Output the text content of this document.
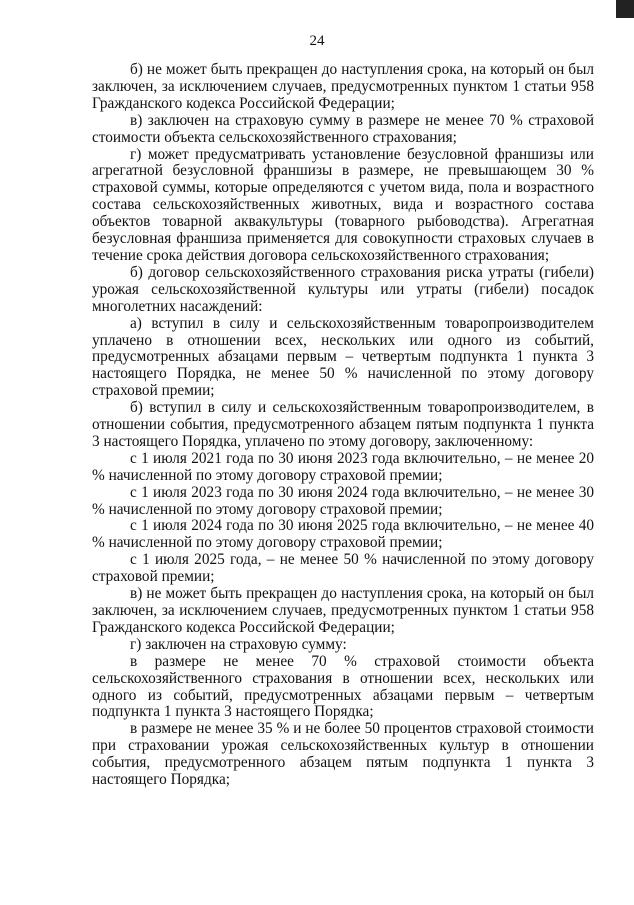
24

б) не может быть прекращен до наступления срока, на который он был заключен, за исключением случаев, предусмотренных пунктом 1 статьи 958 Гражданского кодекса Российской Федерации;

в) заключен на страховую сумму в размере не менее 70 % страховой стоимости объекта сельскохозяйственного страхования;

г) может предусматривать установление безусловной франшизы или агрегатной безусловной франшизы в размере, не превышающем 30 % страховой суммы, которые определяются с учетом вида, пола и возрастного состава сельскохозяйственных животных, вида и возрастного состава объектов товарной аквакультуры (товарного рыбоводства). Агрегатная безусловная франшиза применяется для совокупности страховых случаев в течение срока действия договора сельскохозяйственного страхования;

б) договор сельскохозяйственного страхования риска утраты (гибели) урожая сельскохозяйственной культуры или утраты (гибели) посадок многолетних насаждений:

а) вступил в силу и сельскохозяйственным товаропроизводителем уплачено в отношении всех, нескольких или одного из событий, предусмотренных абзацами первым – четвертым подпункта 1 пункта 3 настоящего Порядка, не менее 50 % начисленной по этому договору страховой премии;

б) вступил в силу и сельскохозяйственным товаропроизводителем, в отношении события, предусмотренного абзацем пятым подпункта 1 пункта 3 настоящего Порядка, уплачено по этому договору, заключенному:

с 1 июля 2021 года по 30 июня 2023 года включительно, – не менее 20 % начисленной по этому договору страховой премии;

с 1 июля 2023 года по 30 июня 2024 года включительно, – не менее 30 % начисленной по этому договору страховой премии;

с 1 июля 2024 года по 30 июня 2025 года включительно, – не менее 40 % начисленной по этому договору страховой премии;

с 1 июля 2025 года, – не менее 50 % начисленной по этому договору страховой премии;

в) не может быть прекращен до наступления срока, на который он был заключен, за исключением случаев, предусмотренных пунктом 1 статьи 958 Гражданского кодекса Российской Федерации;

г) заключен на страховую сумму:

в размере не менее 70 % страховой стоимости объекта сельскохозяйственного страхования в отношении всех, нескольких или одного из событий, предусмотренных абзацами первым – четвертым подпункта 1 пункта 3 настоящего Порядка;

в размере не менее 35 % и не более 50 процентов страховой стоимости при страховании урожая сельскохозяйственных культур в отношении события, предусмотренного абзацем пятым подпункта 1 пункта 3 настоящего Порядка;
